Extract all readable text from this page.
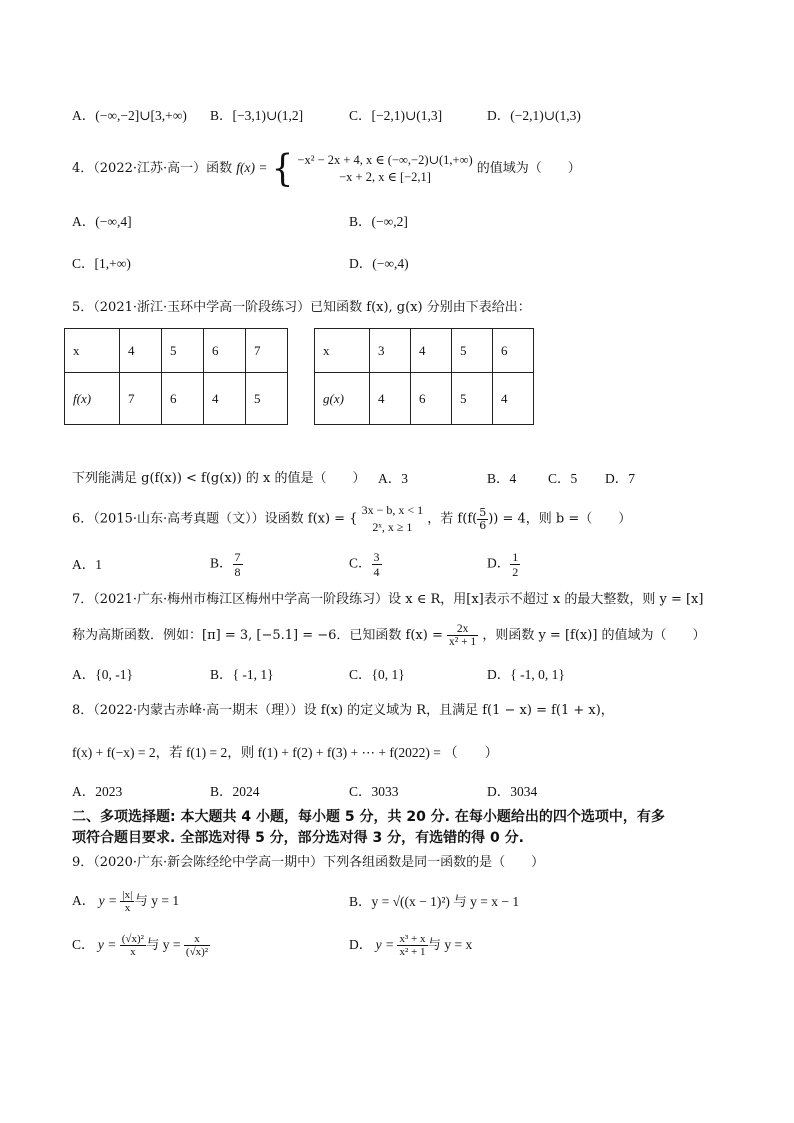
A．(−∞,−2]∪[3,+∞) B．[−3,1)∪(1,2]	C．[−2,1)∪(1,3]	D．(−2,1)∪(1,3)
4．（2022·江苏·高一）函数 f(x) = { −x² − 2x + 4, x ∈ (−∞,−2)∪(1,+∞)
−x + 2, x ∈ [−2,1]
的值域为（　　）
A．(−∞,4]	B．(−∞,2]
C．[1,+∞)	D．(−∞,4)
5．（2021·浙江·玉环中学高一阶段练习）已知函数 f(x), g(x) 分别由下表给出：
x	4	5	6	7
f(x)	7	6	4	5
x	3	4	5	6
g(x)	4	6	5	4
下列能满足 g(f(x)) < f(g(x)) 的 x 的值是（　　） A．3	B．4 C．5 D．7
6．（2015·山东·高考真题（文））设函数 f(x) = {
3x − b, x < 1
2ˣ, x ≥ 1
，若 $f(f( \frac{5}{6}$ )) = 4，则 b =（　　）
A．1	B． $\frac{7}{8}$	C． $\frac{3}{4}$	D． $\frac{1}{2}$
7．（2021·广东·梅州市梅江区梅州中学高一阶段练习）设 x ∈ R，用[x]表示不超过 x 的最大整数，则 y = [x]
称为高斯函数．例如：[π] = 3, [−5.1] = −6．已知函数 $f(x) = \frac{2x}{\text{x² + 1}}$ ，则函数 y = [f(x)] 的值域为（　　）
A．{0, -1}	B．{ -1, 1}	C．{0, 1}	D．{ -1, 0, 1}
8．（2022·内蒙古赤峰·高一期末（理））设 f(x) 的定义域为 R，且满足 f(1 − x) = f(1 + x)，
f(x) + f(−x) = 2，若 f(1) = 2，则 f(1) + f(2) + f(3) + ⋯ + f(2022) = （　　）
A．2023	B．2024	C．3033	D．3034
二、多项选择题: 本大题共 4 小题，每小题 5 分，共 20 分. 在每小题给出的四个选项中，有多
项符合题目要求. 全部选对得 5 分，部分选对得 3 分，有选错的得 0 分.
9．（2020·广东·新会陈经纶中学高一期中）下列各组函数是同一函数的是（　　）
A． $y = \frac{|x|}{x}$ 与 y = 1	B．y = √((x − 1)²) 与 y = x − 1
C． $y = \frac{\text{(√x)²}}{x}$ 与 $y = \frac{x}{\text{(√x)²}}$	D． $y = \frac{\text{x³ + x}}{\text{x² + 1}}$ 与 y = x
